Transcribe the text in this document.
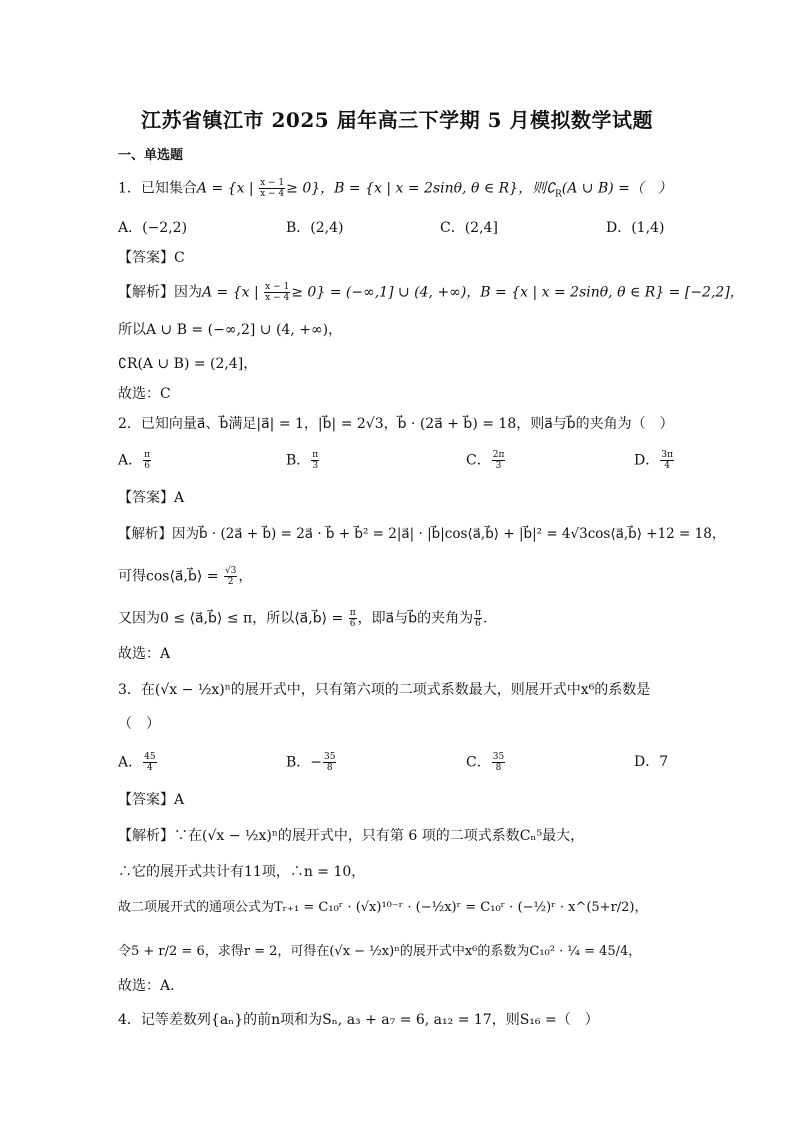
江苏省镇江市 2025 届年高三下学期 5 月模拟数学试题
一、单选题
1．已知集合A = {x | $\frac{x - 1}{x - 4} \ge 0$}，B = {x | x = 2sinθ, θ ∈ R}，则$∁_R(A$ ∪ B) =（　）
A．(−2,2)	B．(2,4)	C．(2,4]	D．(1,4)
【答案】C
【解析】因为A = {x | $\frac{x - 1}{x - 4} \ge 0\} = (-\infty,1]$ ∪ (4, +∞)，B = {x | x = 2sinθ, θ ∈ R} = [−2,2]，
所以A ∪ B = (−∞,2] ∪ (4, +∞)，
∁R(A ∪ B) = (2,4]，
故选：C
2．已知向量a⃗、b⃗满足|a⃗| = 1，|b⃗| = 2√3，b⃗ · (2a⃗ + b⃗) = 18，则a⃗与b⃗的夹角为（　）
A． $\frac{\pi}{6}$	B． $\frac{\pi}{3}$	C． $\frac{2\pi}{3}$	D． $\frac{3\pi}{4}$
【答案】A
【解析】因为b⃗ · (2a⃗ + b⃗) = 2a⃗ · b⃗ + b⃗² = 2|a⃗| · |b⃗|cos⟨a⃗,b⃗⟩ + |b⃗|² = 4√3cos⟨a⃗,b⃗⟩ +12 = 18，
可得cos⟨a⃗,b⃗⟩ = $\frac{√3}{2}$ ，
又因为0 ≤ ⟨a⃗,b⃗⟩ ≤ π，所以⟨a⃗,b⃗⟩ = $\frac{\pi}{6}$ ，即a⃗与b⃗的夹角为 $\frac{\pi}{6}$ .
故选：A
3．在(√x − ½x)ⁿ的展开式中，只有第六项的二项式系数最大，则展开式中x⁶的系数是
（　）
A． $\frac{45}{4}$	B．− $\frac{35}{8}$	C． $\frac{35}{8}$	D．7
【答案】A
【解析】∵在(√x − ½x)ⁿ的展开式中，只有第 6 项的二项式系数Cₙ⁵最大，
∴它的展开式共计有11项，∴n = 10，
故二项展开式的通项公式为Tᵣ₊₁ = C₁₀ʳ · (√x)¹⁰⁻ʳ · (−½x)ʳ = C₁₀ʳ · (−½)ʳ · x^(5+r/2)，
令5 + r/2 = 6，求得r = 2，可得在(√x − ½x)ⁿ的展开式中x⁶的系数为C₁₀² · ¼ = 45/4，
故选：A.
4．记等差数列{aₙ}的前n项和为Sₙ, a₃ + a₇ = 6, a₁₂ = 17，则S₁₆ =（　）
